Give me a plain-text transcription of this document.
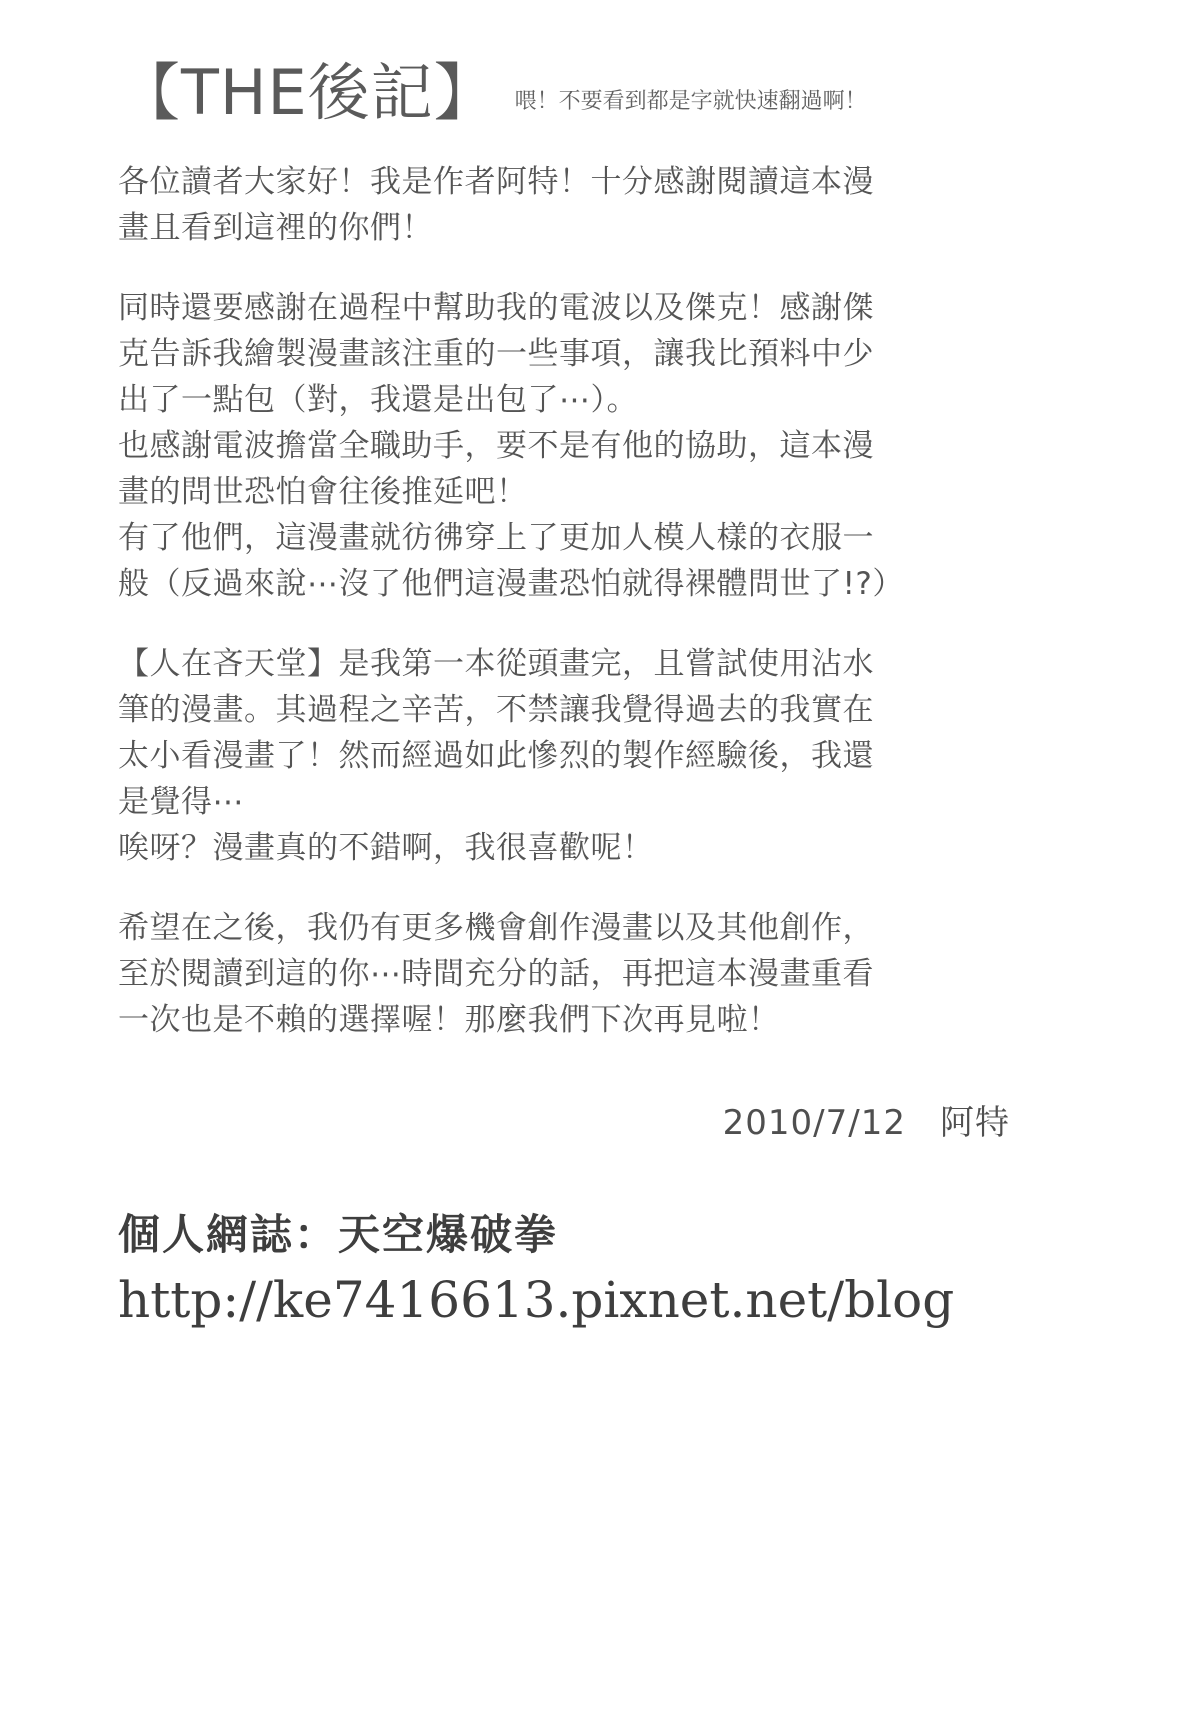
【THE後記】 喂！不要看到都是字就快速翻過啊！

各位讀者大家好！我是作者阿特！十分感謝閱讀這本漫
畫且看到這裡的你們！

同時還要感謝在過程中幫助我的電波以及傑克！感謝傑
克告訴我繪製漫畫該注重的一些事項，讓我比預料中少
出了一點包（對，我還是出包了⋯）。
也感謝電波擔當全職助手，要不是有他的協助，這本漫
畫的問世恐怕會往後推延吧！
有了他們，這漫畫就彷彿穿上了更加人模人樣的衣服一
般（反過來說⋯沒了他們這漫畫恐怕就得裸體問世了!?）

【人在吝天堂】是我第一本從頭畫完，且嘗試使用沾水
筆的漫畫。其過程之辛苦，不禁讓我覺得過去的我實在
太小看漫畫了！然而經過如此慘烈的製作經驗後，我還
是覺得⋯
唉呀？漫畫真的不錯啊，我很喜歡呢！

希望在之後，我仍有更多機會創作漫畫以及其他創作，
至於閱讀到這的你⋯時間充分的話，再把這本漫畫重看
一次也是不賴的選擇喔！那麼我們下次再見啦！

2010/7/12 阿特
個人網誌：天空爆破拳
http://ke7416613.pixnet.net/blog
